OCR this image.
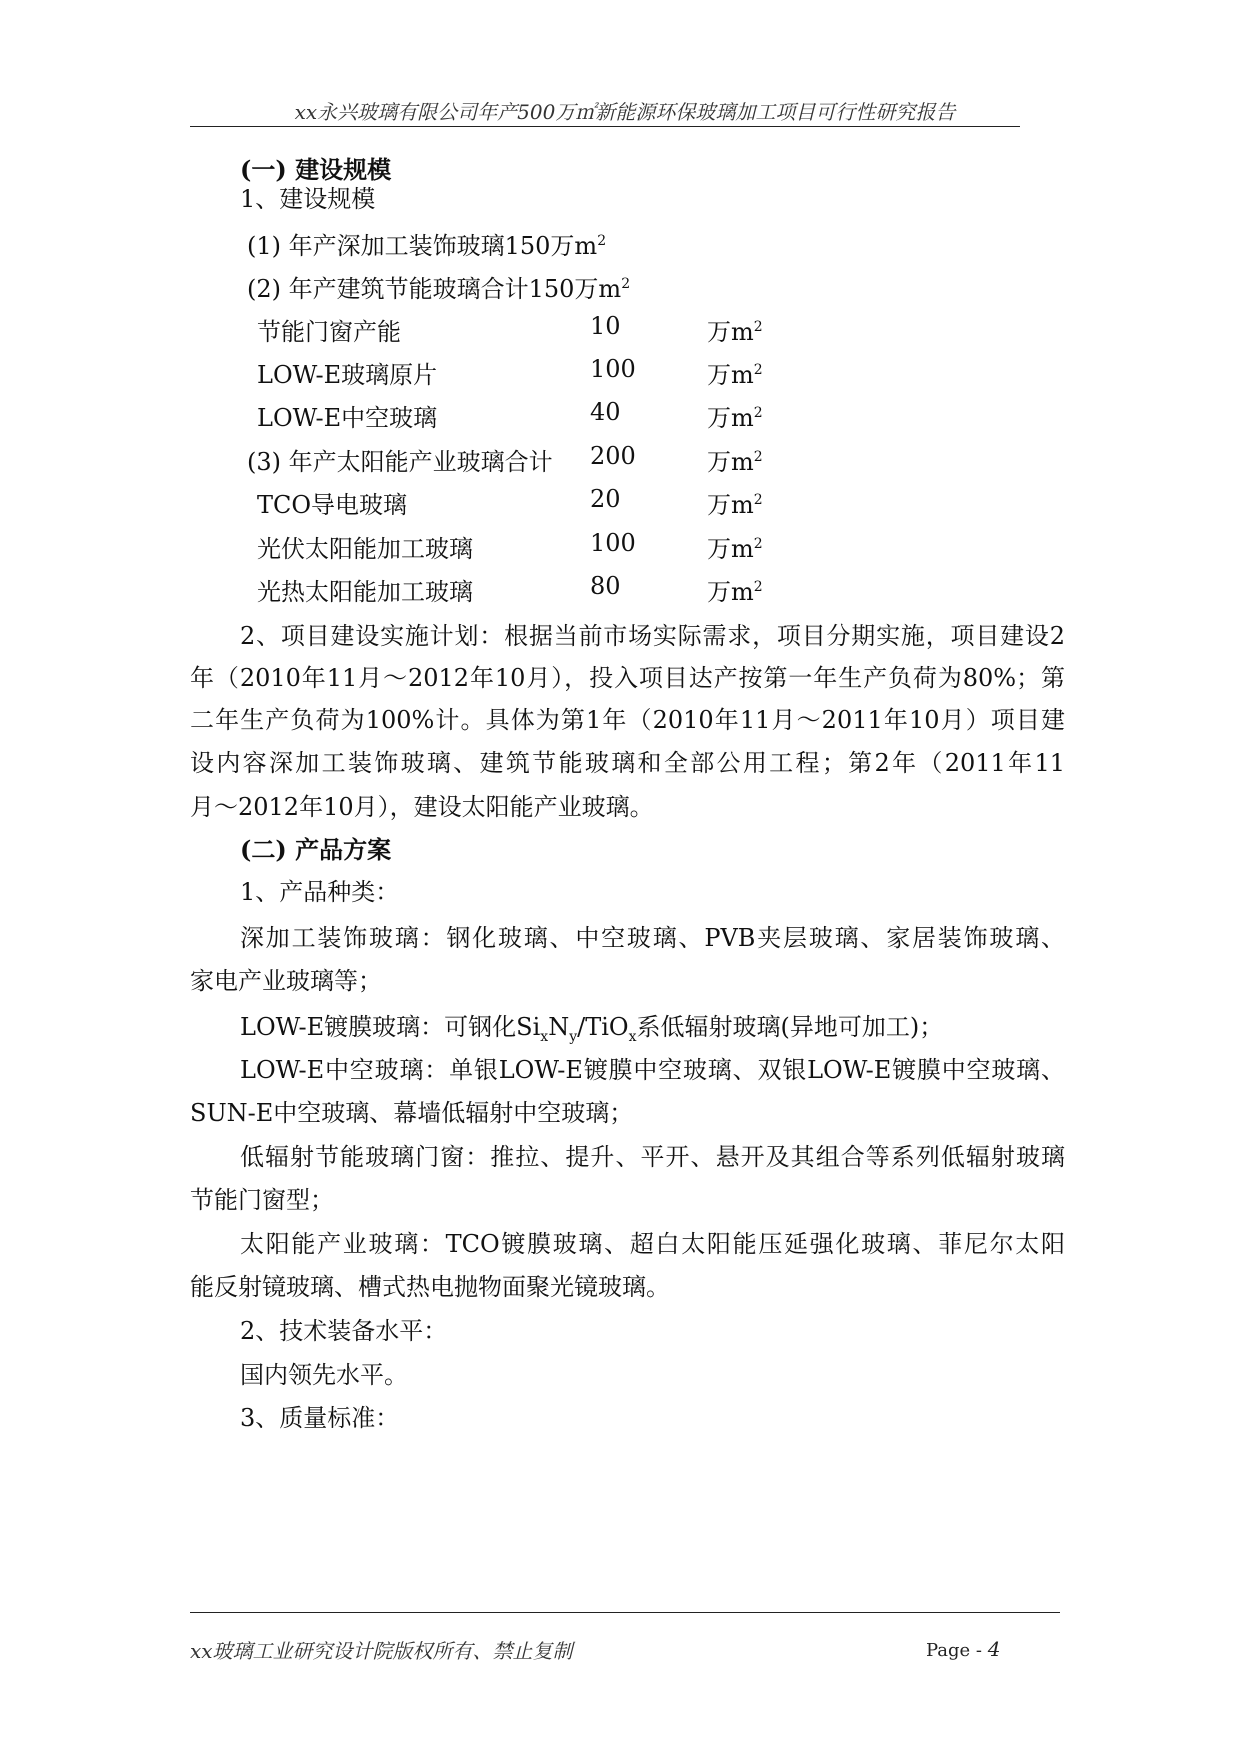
xx永兴玻璃有限公司年产500万㎡新能源环保玻璃加工项目可行性研究报告
(一) 建设规模
1、建设规模
(1) 年产深加工装饰玻璃150万$m^2$
(2) 年产建筑节能玻璃合计150万$m^2$
节能门窗产能	10	万$m^2$
LOW-E玻璃原片	100	万$m^2$
LOW-E中空玻璃	40	万$m^2$
(3) 年产太阳能产业玻璃合计 200	万$m^2$
TCO导电玻璃	20	万$m^2$
光伏太阳能加工玻璃	100	万$m^2$
光热太阳能加工玻璃	80	万$m^2$
2、项目建设实施计划：根据当前市场实际需求，项目分期实施，项目建设2
年（2010年11月～2012年10月），投入项目达产按第一年生产负荷为80%；第
二年生产负荷为100%计。具体为第1年（2010年11月～2011年10月）项目建
设内容深加工装饰玻璃、建筑节能玻璃和全部公用工程；第2年（2011年11
月～2012年10月），建设太阳能产业玻璃。
(二) 产品方案
1、产品种类：
深加工装饰玻璃：钢化玻璃、中空玻璃、PVB夹层玻璃、家居装饰玻璃、
家电产业玻璃等；
LOW-E镀膜玻璃：可钢化$Si_xN_y/TiO_x$系低辐射玻璃(异地可加工)；
LOW-E中空玻璃：单银LOW-E镀膜中空玻璃、双银LOW-E镀膜中空玻璃、
SUN-E中空玻璃、幕墙低辐射中空玻璃；
低辐射节能玻璃门窗：推拉、提升、平开、悬开及其组合等系列低辐射玻璃
节能门窗型；
太阳能产业玻璃：TCO镀膜玻璃、超白太阳能压延强化玻璃、菲尼尔太阳
能反射镜玻璃、槽式热电抛物面聚光镜玻璃。
2、技术装备水平：
国内领先水平。
3、质量标准：
xx玻璃工业研究设计院版权所有、禁止复制	Page - 4
